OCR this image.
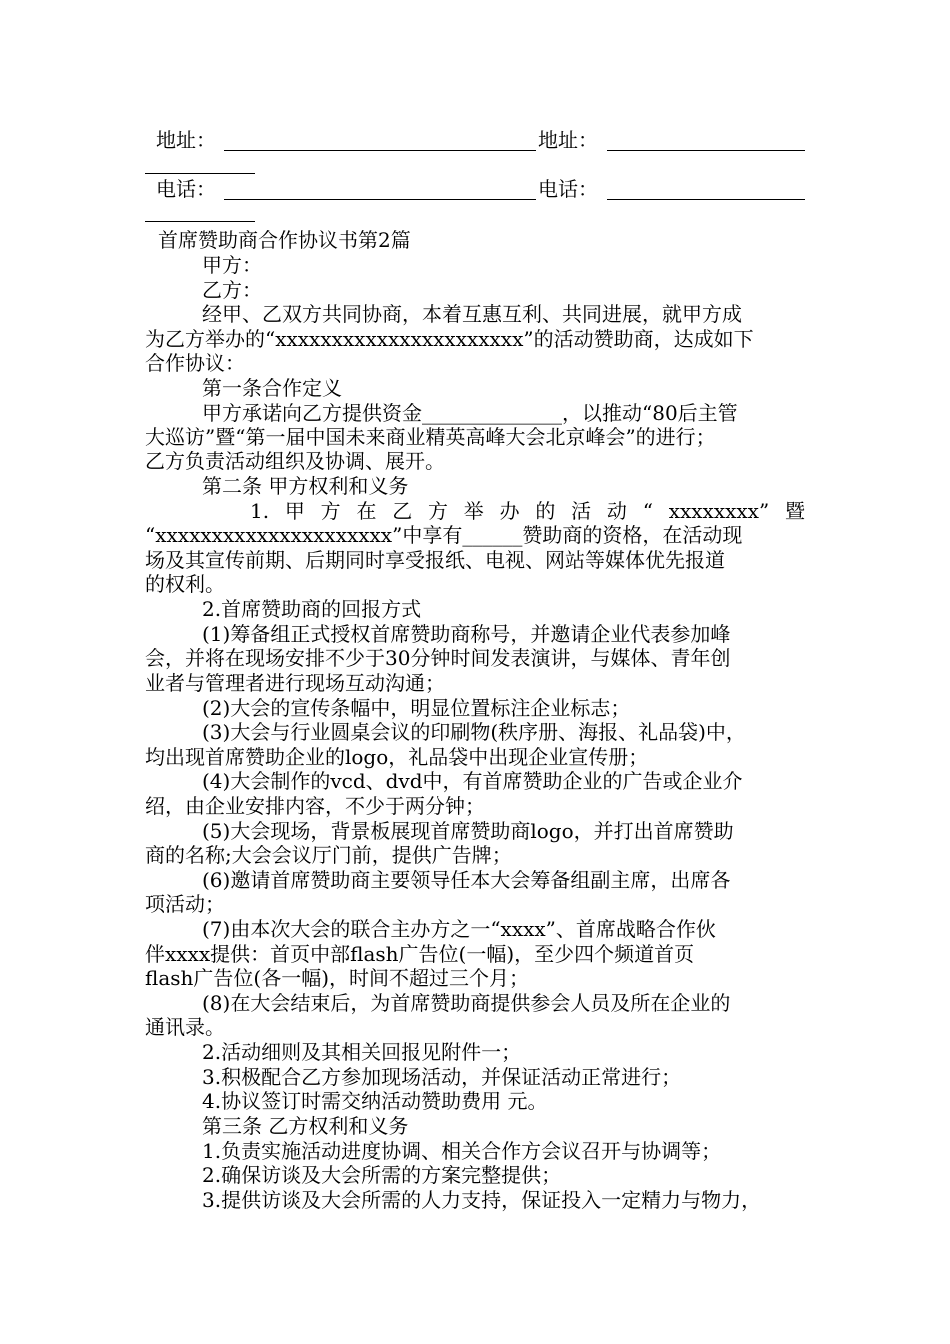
地址：	地址：
电话：	电话：
首席赞助商合作协议书第2篇
甲方：
乙方：
经甲、乙双方共同协商，本着互惠互利、共同进展，就甲方成
为乙方举办的“xxxxxxxxxxxxxxxxxxxxxx”的活动赞助商，达成如下
合作协议：
第一条合作定义
甲方承诺向乙方提供资金______________，以推动“80后主管
大巡访”暨“第一届中国未来商业精英高峰大会北京峰会”的进行；
乙方负责活动组织及协调、展开。
第二条 甲方权利和义务
1. 甲 方 在 乙 方 举 办 的 活 动 “ xxxxxxxx” 暨
“xxxxxxxxxxxxxxxxxxxxx”中享有______赞助商的资格，在活动现
场及其宣传前期、后期同时享受报纸、电视、网站等媒体优先报道
的权利。
2.首席赞助商的回报方式
(1)筹备组正式授权首席赞助商称号，并邀请企业代表参加峰
会，并将在现场安排不少于30分钟时间发表演讲，与媒体、青年创
业者与管理者进行现场互动沟通；
(2)大会的宣传条幅中，明显位置标注企业标志；
(3)大会与行业圆桌会议的印刷物(秩序册、海报、礼品袋)中，
均出现首席赞助企业的logo，礼品袋中出现企业宣传册；
(4)大会制作的vcd、dvd中，有首席赞助企业的广告或企业介
绍，由企业安排内容，不少于两分钟；
(5)大会现场，背景板展现首席赞助商logo，并打出首席赞助
商的名称;大会会议厅门前，提供广告牌；
(6)邀请首席赞助商主要领导任本大会筹备组副主席，出席各
项活动；
(7)由本次大会的联合主办方之一“xxxx”、首席战略合作伙
伴xxxx提供：首页中部flash广告位(一幅)，至少四个频道首页
flash广告位(各一幅)，时间不超过三个月；
(8)在大会结束后，为首席赞助商提供参会人员及所在企业的
通讯录。
2.活动细则及其相关回报见附件一；
3.积极配合乙方参加现场活动，并保证活动正常进行；
4.协议签订时需交纳活动赞助费用 元。
第三条 乙方权利和义务
1.负责实施活动进度协调、相关合作方会议召开与协调等；
2.确保访谈及大会所需的方案完整提供；
3.提供访谈及大会所需的人力支持，保证投入一定精力与物力，
